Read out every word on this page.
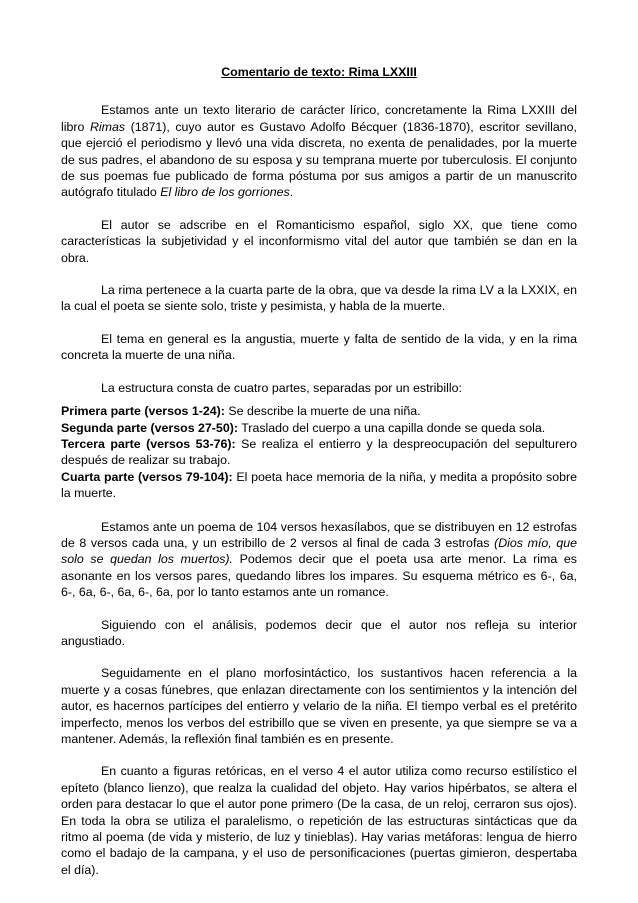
Comentario de texto: Rima LXXIII

Estamos ante un texto literario de carácter lírico, concretamente la Rima LXXIII del libro Rimas (1871), cuyo autor es Gustavo Adolfo Bécquer (1836-1870), escritor sevillano, que ejerció el periodismo y llevó una vida discreta, no exenta de penalidades, por la muerte de sus padres, el abandono de su esposa y su temprana muerte por tuberculosis. El conjunto de sus poemas fue publicado de forma póstuma por sus amigos a partir de un manuscrito autógrafo titulado El libro de los gorriones.

El autor se adscribe en el Romanticismo español, siglo XX, que tiene como características la subjetividad y el inconformismo vital del autor que también se dan en la obra.

La rima pertenece a la cuarta parte de la obra, que va desde la rima LV a la LXXIX, en la cual el poeta se siente solo, triste y pesimista, y habla de la muerte.

El tema en general es la angustia, muerte y falta de sentido de la vida, y en la rima concreta la muerte de una niña.

La estructura consta de cuatro partes, separadas por un estribillo:

Primera parte (versos 1-24): Se describe la muerte de una niña.

Segunda parte (versos 27-50): Traslado del cuerpo a una capilla donde se queda sola.

Tercera parte (versos 53-76): Se realiza el entierro y la despreocupación del sepulturero después de realizar su trabajo.

Cuarta parte (versos 79-104): El poeta hace memoria de la niña, y medita a propósito sobre la muerte.

Estamos ante un poema de 104 versos hexasílabos, que se distribuyen en 12 estrofas de 8 versos cada una, y un estribillo de 2 versos al final de cada 3 estrofas (Dios mío, que solo se quedan los muertos). Podemos decir que el poeta usa arte menor. La rima es asonante en los versos pares, quedando libres los impares. Su esquema métrico es 6-, 6a, 6-, 6a, 6-, 6a, 6-, 6a, por lo tanto estamos ante un romance.

Siguiendo con el análisis, podemos decir que el autor nos refleja su interior angustiado.

Seguidamente en el plano morfosintáctico, los sustantivos hacen referencia a la muerte y a cosas fúnebres, que enlazan directamente con los sentimientos y la intención del autor, es hacernos partícipes del entierro y velario de la niña. El tiempo verbal es el pretérito imperfecto, menos los verbos del estribillo que se viven en presente, ya que siempre se va a mantener. Además, la reflexión final también es en presente.

En cuanto a figuras retóricas, en el verso 4 el autor utiliza como recurso estilístico el epíteto (blanco lienzo), que realza la cualidad del objeto. Hay varios hipérbatos, se altera el orden para destacar lo que el autor pone primero (De la casa, de un reloj, cerraron sus ojos). En toda la obra se utiliza el paralelismo, o repetición de las estructuras sintácticas que da ritmo al poema (de vida y misterio, de luz y tinieblas). Hay varias metáforas: lengua de hierro como el badajo de la campana, y el uso de personificaciones (puertas gimieron, despertaba el día).
